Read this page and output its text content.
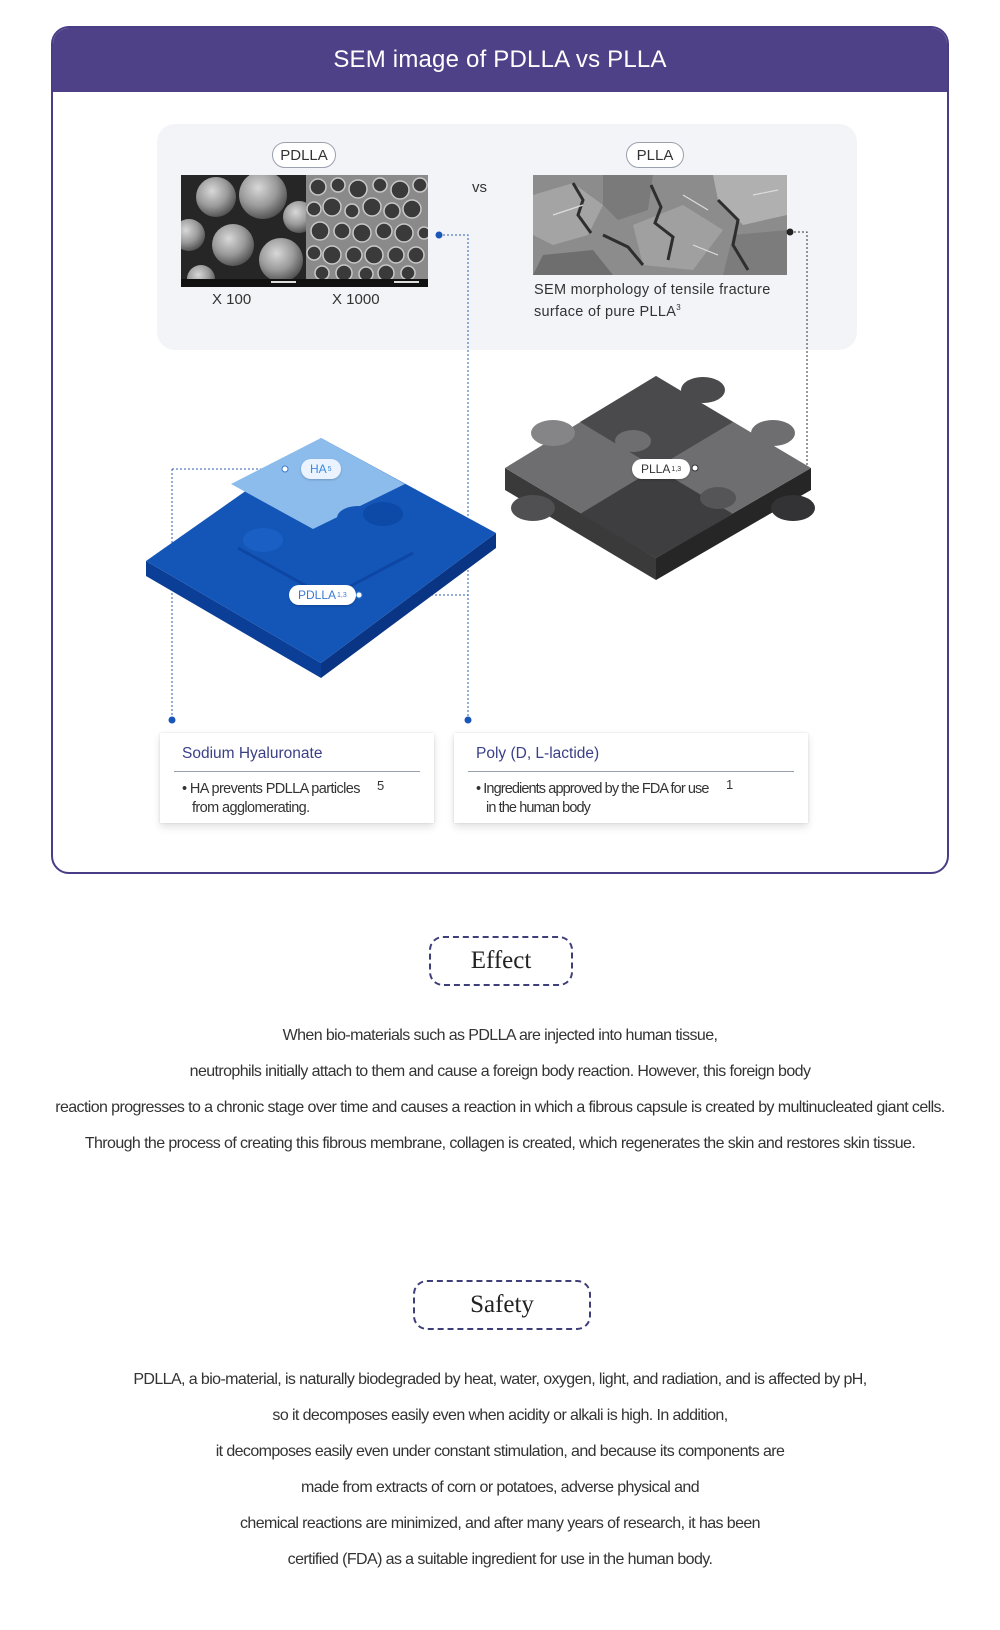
SEM image of PDLLA vs PLLA
PDLLA	PLLA
X 100	X 1000
vs
SEM morphology of tensile fracture
surface of pure PLLA$^3$
HA 5
PDLLA 1,3
PLLA 1,3
Sodium Hyaluronate
• HA prevents PDLLA particles
from agglomerating.
5
Poly (D, L-lactide)
• Ingredients approved by the FDA for use
in the human body
1
Effect

When bio-materials such as PDLLA are injected into human tissue,

neutrophils initially attach to them and cause a foreign body reaction. However, this foreign body

reaction progresses to a chronic stage over time and causes a reaction in which a fibrous capsule is created by multinucleated giant cells.

Through the process of creating this fibrous membrane, collagen is created, which regenerates the skin and restores skin tissue.

Safety

PDLLA, a bio-material, is naturally biodegraded by heat, water, oxygen, light, and radiation, and is affected by pH,

so it decomposes easily even when acidity or alkali is high. In addition,

it decomposes easily even under constant stimulation, and because its components are

made from extracts of corn or potatoes, adverse physical and

chemical reactions are minimized, and after many years of research, it has been

certified (FDA) as a suitable ingredient for use in the human body.
